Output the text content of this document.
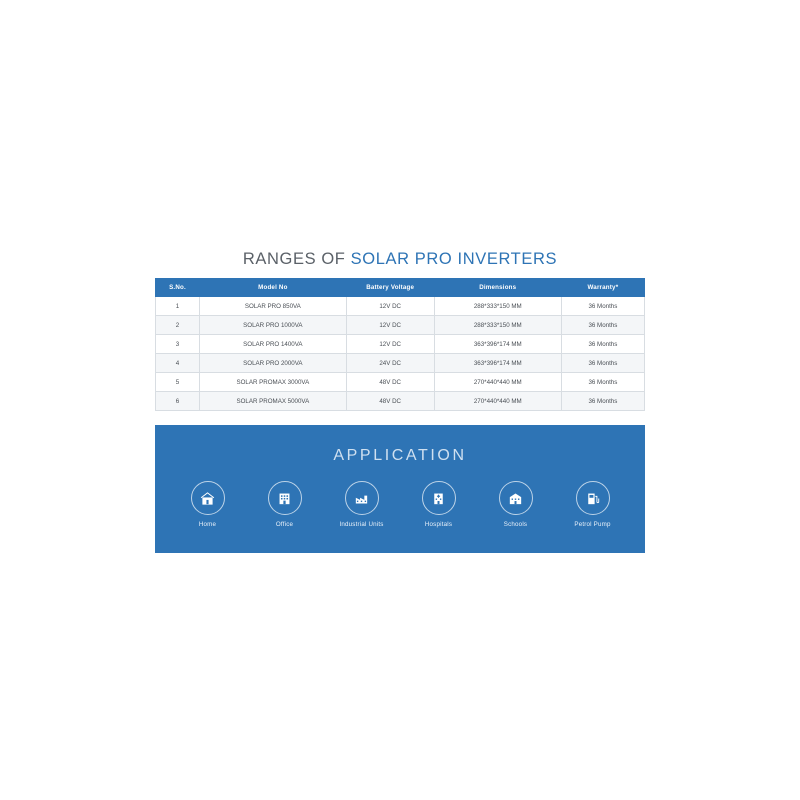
RANGES OF SOLAR PRO INVERTERS
S.No.	Model No	Battery Voltage	Dimensions	Warranty*
1	SOLAR PRO 850VA	12V DC	288*333*150 MM	36 Months
2	SOLAR PRO 1000VA	12V DC	288*333*150 MM	36 Months
3	SOLAR PRO 1400VA	12V DC	363*396*174 MM	36 Months
4	SOLAR PRO 2000VA	24V DC	363*396*174 MM	36 Months
5	SOLAR PROMAX 3000VA	48V DC	270*440*440 MM	36 Months
6	SOLAR PROMAX 5000VA	48V DC	270*440*440 MM	36 Months
APPLICATION
Home	Office	Industrial Units	Hospitals	Schools	Petrol Pump
